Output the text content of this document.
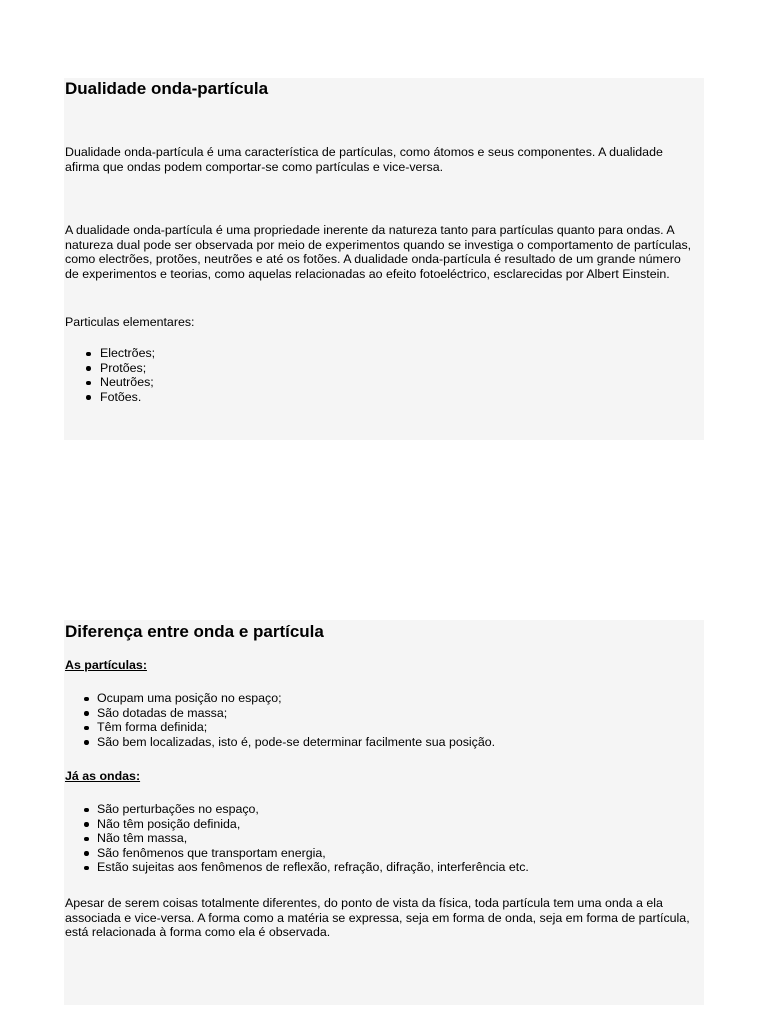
Dualidade onda-partícula

Dualidade onda-partícula é uma característica de partículas, como átomos e seus componentes. A dualidade afirma que ondas podem comportar-se como partículas e vice-versa.

A dualidade onda-partícula é uma propriedade inerente da natureza tanto para partículas quanto para ondas. A natureza dual pode ser observada por meio de experimentos quando se investiga o comportamento de partículas, como electrões, protões, neutrões e até os fotões. A dualidade onda-partícula é resultado de um grande número de experimentos e teorias, como aquelas relacionadas ao efeito fotoeléctrico, esclarecidas por Albert Einstein.

Particulas elementares:

Electrões;
Protões;
Neutrões;
Fotões.
Diferença entre onda e partícula

As partículas:

Ocupam uma posição no espaço;
São dotadas de massa;
Têm forma definida;
São bem localizadas, isto é, pode-se determinar facilmente sua posição.

Já as ondas:

São perturbações no espaço,
Não têm posição definida,
Não têm massa,
São fenômenos que transportam energia,
Estão sujeitas aos fenômenos de reflexão, refração, difração, interferência etc.

Apesar de serem coisas totalmente diferentes, do ponto de vista da física, toda partícula tem uma onda a ela associada e vice-versa. A forma como a matéria se expressa, seja em forma de onda, seja em forma de partícula, está relacionada à forma como ela é observada.
